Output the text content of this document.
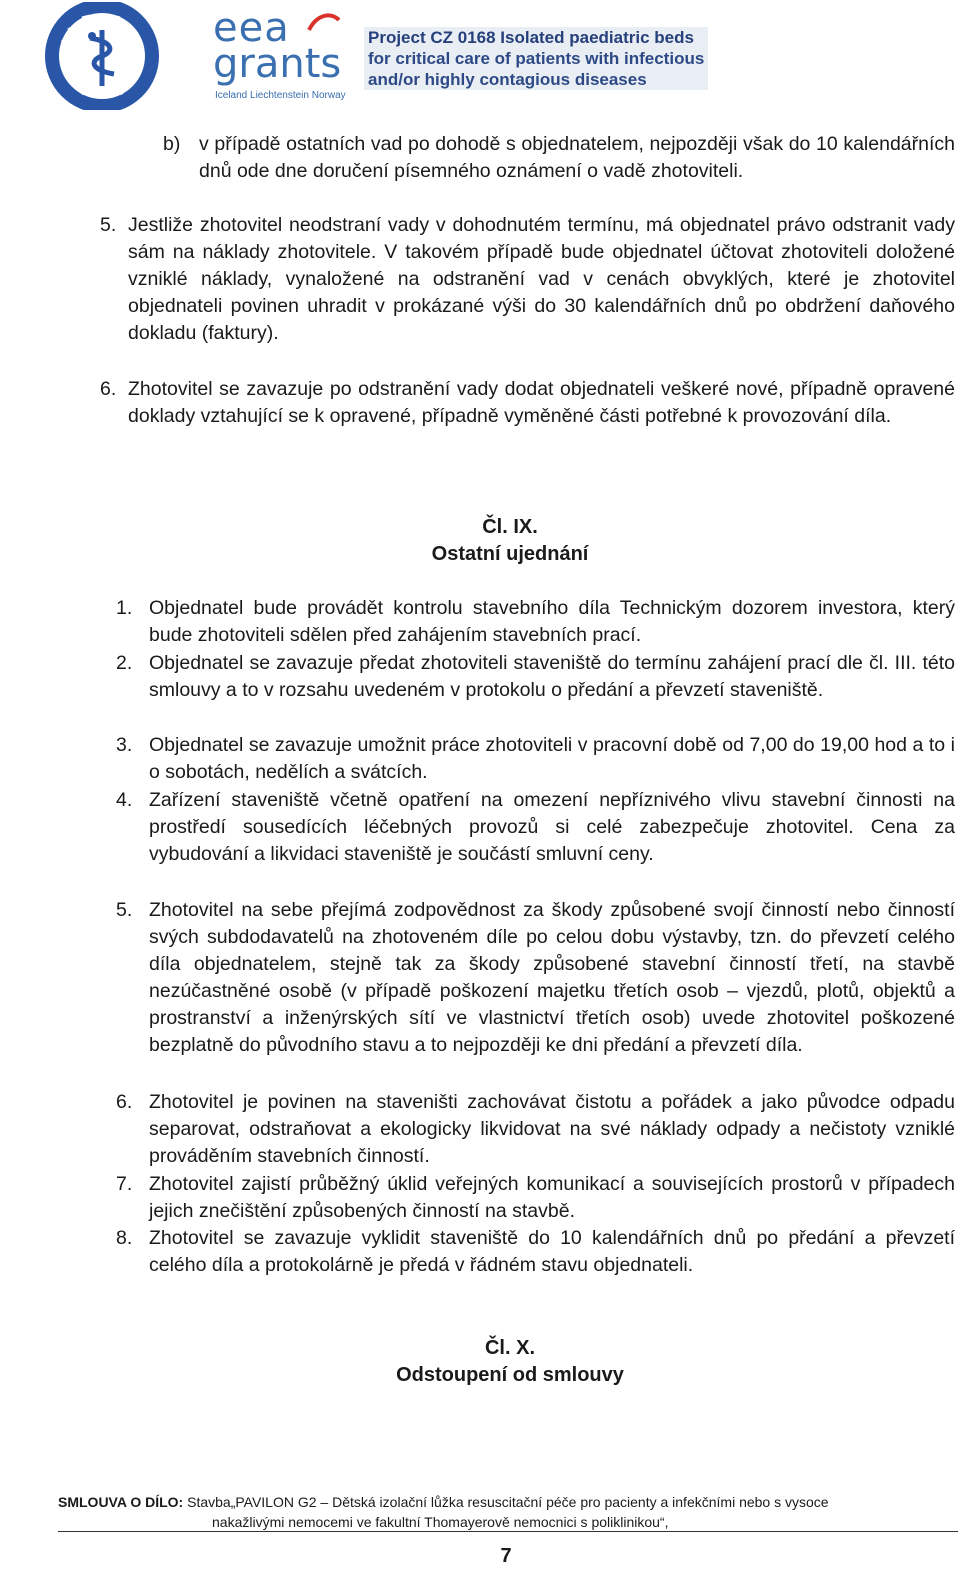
eea
grants
Iceland Liechtenstein Norway
Project CZ 0168 Isolated paediatric beds
for critical care of patients with infectious
and/or highly contagious diseases
b) v případě ostatních vad po dohodě s objednatelem, nejpozději však do 10 kalendářních dnů ode dne doručení písemného oznámení o vadě zhotoviteli.
5. Jestliže zhotovitel neodstraní vady v dohodnutém termínu, má objednatel právo odstranit vady sám na náklady zhotovitele. V takovém případě bude objednatel účtovat zhotoviteli doložené vzniklé náklady, vynaložené na odstranění vad v cenách obvyklých, které je zhotovitel objednateli povinen uhradit v prokázané výši do 30 kalendářních dnů po obdržení daňového dokladu (faktury).
6. Zhotovitel se zavazuje po odstranění vady dodat objednateli veškeré nové, případně opravené doklady vztahující se k opravené, případně vyměněné části potřebné k provozování díla.
Čl. IX.
Ostatní ujednání
1. Objednatel bude provádět kontrolu stavebního díla Technickým dozorem investora, který bude zhotoviteli sdělen před zahájením stavebních prací.
2. Objednatel se zavazuje předat zhotoviteli staveniště do termínu zahájení prací dle čl. III. této smlouvy a to v rozsahu uvedeném v protokolu o předání a převzetí staveniště.
3. Objednatel se zavazuje umožnit práce zhotoviteli v pracovní době od 7,00 do 19,00 hod a to i o sobotách, nedělích a svátcích.
4. Zařízení staveniště včetně opatření na omezení nepříznivého vlivu stavební činnosti na prostředí sousedících léčebných provozů si celé zabezpečuje zhotovitel. Cena za vybudování a likvidaci staveniště je součástí smluvní ceny.
5. Zhotovitel na sebe přejímá zodpovědnost za škody způsobené svojí činností nebo činností svých subdodavatelů na zhotoveném díle po celou dobu výstavby, tzn. do převzetí celého díla objednatelem, stejně tak za škody způsobené stavební činností třetí, na stavbě nezúčastněné osobě (v případě poškození majetku třetích osob – vjezdů, plotů, objektů a prostranství a inženýrských sítí ve vlastnictví třetích osob) uvede zhotovitel poškozené bezplatně do původního stavu a to nejpozději ke dni předání a převzetí díla.
6. Zhotovitel je povinen na staveništi zachovávat čistotu a pořádek a jako původce odpadu separovat, odstraňovat a ekologicky likvidovat na své náklady odpady a nečistoty vzniklé prováděním stavebních činností.
7. Zhotovitel zajistí průběžný úklid veřejných komunikací a souvisejících prostorů v případech jejich znečištění způsobených činností na stavbě.
8. Zhotovitel se zavazuje vyklidit staveniště do 10 kalendářních dnů po předání a převzetí celého díla a protokolárně je předá v řádném stavu objednateli.
Čl. X.
Odstoupení od smlouvy
SMLOUVA O DÍLO: Stavba„PAVILON G2 – Dětská izolační lůžka resuscitační péče pro pacienty a infekčními nebo s vysoce
nakažlivými nemocemi ve fakultní Thomayerově nemocnici s poliklinikou“,
7
